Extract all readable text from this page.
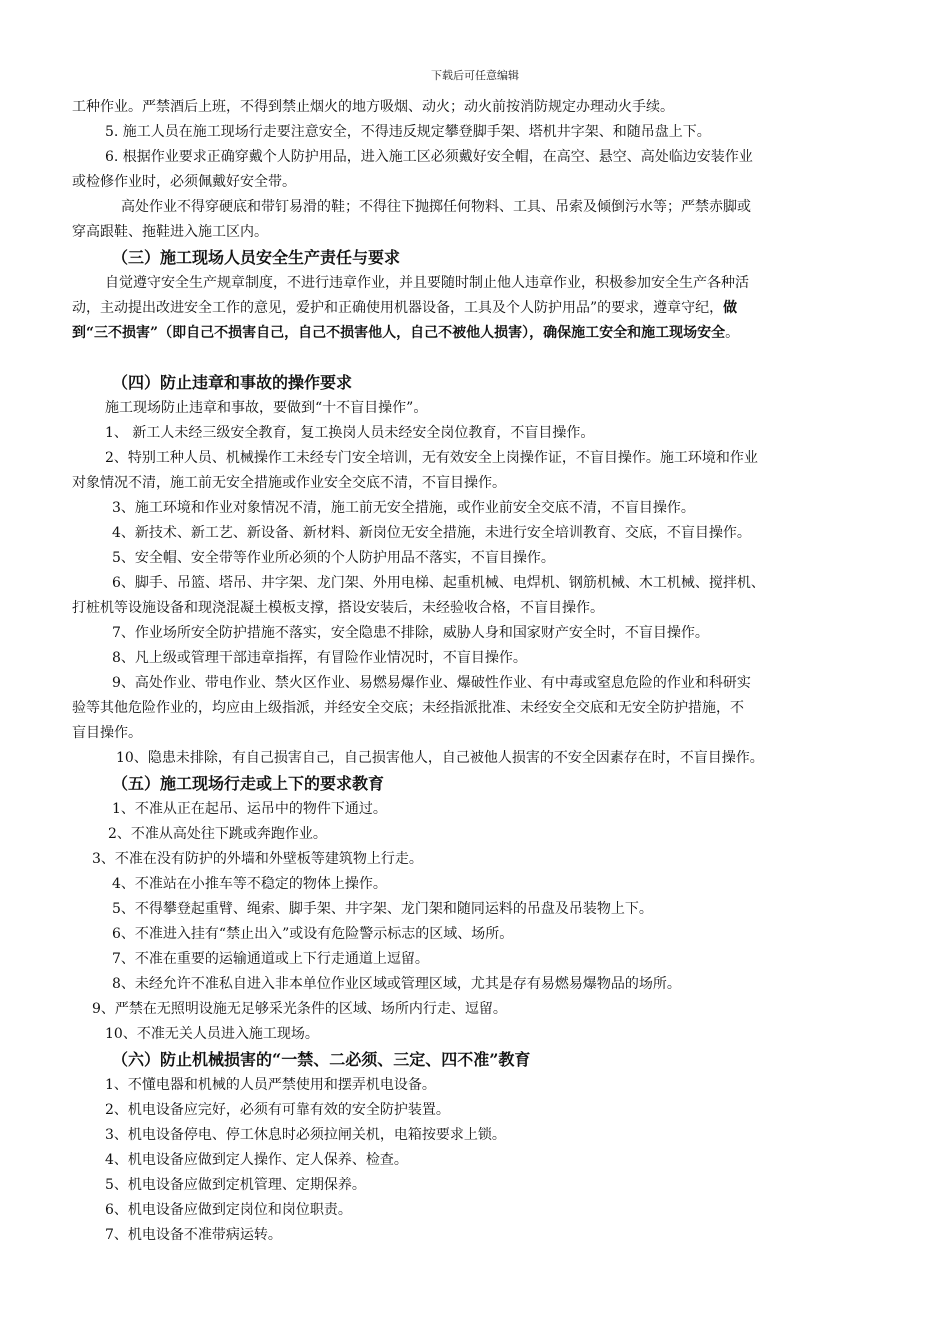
下载后可任意编辑
工种作业。严禁酒后上班，不得到禁止烟火的地方吸烟、动火；动火前按消防规定办理动火手续。
5. 施工人员在施工现场行走要注意安全，不得违反规定攀登脚手架、塔机井字架、和随吊盘上下。
6. 根据作业要求正确穿戴个人防护用品，进入施工区必须戴好安全帽，在高空、悬空、高处临边安装作业
或检修作业时，必须佩戴好安全带。
高处作业不得穿硬底和带钉易滑的鞋；不得往下抛掷任何物料、工具、吊索及倾倒污水等；严禁赤脚或
穿高跟鞋、拖鞋进入施工区内。
（三）施工现场人员安全生产责任与要求
自觉遵守安全生产规章制度，不进行违章作业，并且要随时制止他人违章作业，积极参加安全生产各种活
动，主动提出改进安全工作的意见，爱护和正确使用机器设备，工具及个人防护用品”的要求，遵章守纪，做
到“三不损害”（即自己不损害自己，自己不损害他人，自己不被他人损害），确保施工安全和施工现场安全。
（四）防止违章和事故的操作要求
施工现场防止违章和事故，要做到“十不盲目操作”。
1、 新工人未经三级安全教育，复工换岗人员未经安全岗位教育，不盲目操作。
2、特别工种人员、机械操作工未经专门安全培训，无有效安全上岗操作证，不盲目操作。施工环境和作业
对象情况不清，施工前无安全措施或作业安全交底不清，不盲目操作。
3、施工环境和作业对象情况不清，施工前无安全措施，或作业前安全交底不清，不盲目操作。
4、新技术、新工艺、新设备、新材料、新岗位无安全措施，未进行安全培训教育、交底，不盲目操作。
5、安全帽、安全带等作业所必须的个人防护用品不落实，不盲目操作。
6、脚手、吊篮、塔吊、井字架、龙门架、外用电梯、起重机械、电焊机、钢筋机械、木工机械、搅拌机、
打桩机等设施设备和现浇混凝土模板支撑，搭设安装后，未经验收合格，不盲目操作。
7、作业场所安全防护措施不落实，安全隐患不排除，威胁人身和国家财产安全时，不盲目操作。
8、凡上级或管理干部违章指挥，有冒险作业情况时，不盲目操作。
9、高处作业、带电作业、禁火区作业、易燃易爆作业、爆破性作业、有中毒或窒息危险的作业和科研实
验等其他危险作业的，均应由上级指派，并经安全交底；未经指派批准、未经安全交底和无安全防护措施，不
盲目操作。
10、隐患未排除，有自己损害自己，自己损害他人，自己被他人损害的不安全因素存在时，不盲目操作。
（五）施工现场行走或上下的要求教育
1、不准从正在起吊、运吊中的物件下通过。
2、不准从高处往下跳或奔跑作业。
3、不准在没有防护的外墙和外壁板等建筑物上行走。
4、不准站在小推车等不稳定的物体上操作。
5、不得攀登起重臂、绳索、脚手架、井字架、龙门架和随同运料的吊盘及吊装物上下。
6、不准进入挂有“禁止出入”或设有危险警示标志的区域、场所。
7、不准在重要的运输通道或上下行走通道上逗留。
8、未经允许不准私自进入非本单位作业区域或管理区域，尤其是存有易燃易爆物品的场所。
9、严禁在无照明设施无足够采光条件的区域、场所内行走、逗留。
10、不准无关人员进入施工现场。
（六）防止机械损害的“一禁、二必须、三定、四不准”教育
1、不懂电器和机械的人员严禁使用和摆弄机电设备。
2、机电设备应完好，必须有可靠有效的安全防护装置。
3、机电设备停电、停工休息时必须拉闸关机，电箱按要求上锁。
4、机电设备应做到定人操作、定人保养、检查。
5、机电设备应做到定机管理、定期保养。
6、机电设备应做到定岗位和岗位职责。
7、机电设备不准带病运转。
